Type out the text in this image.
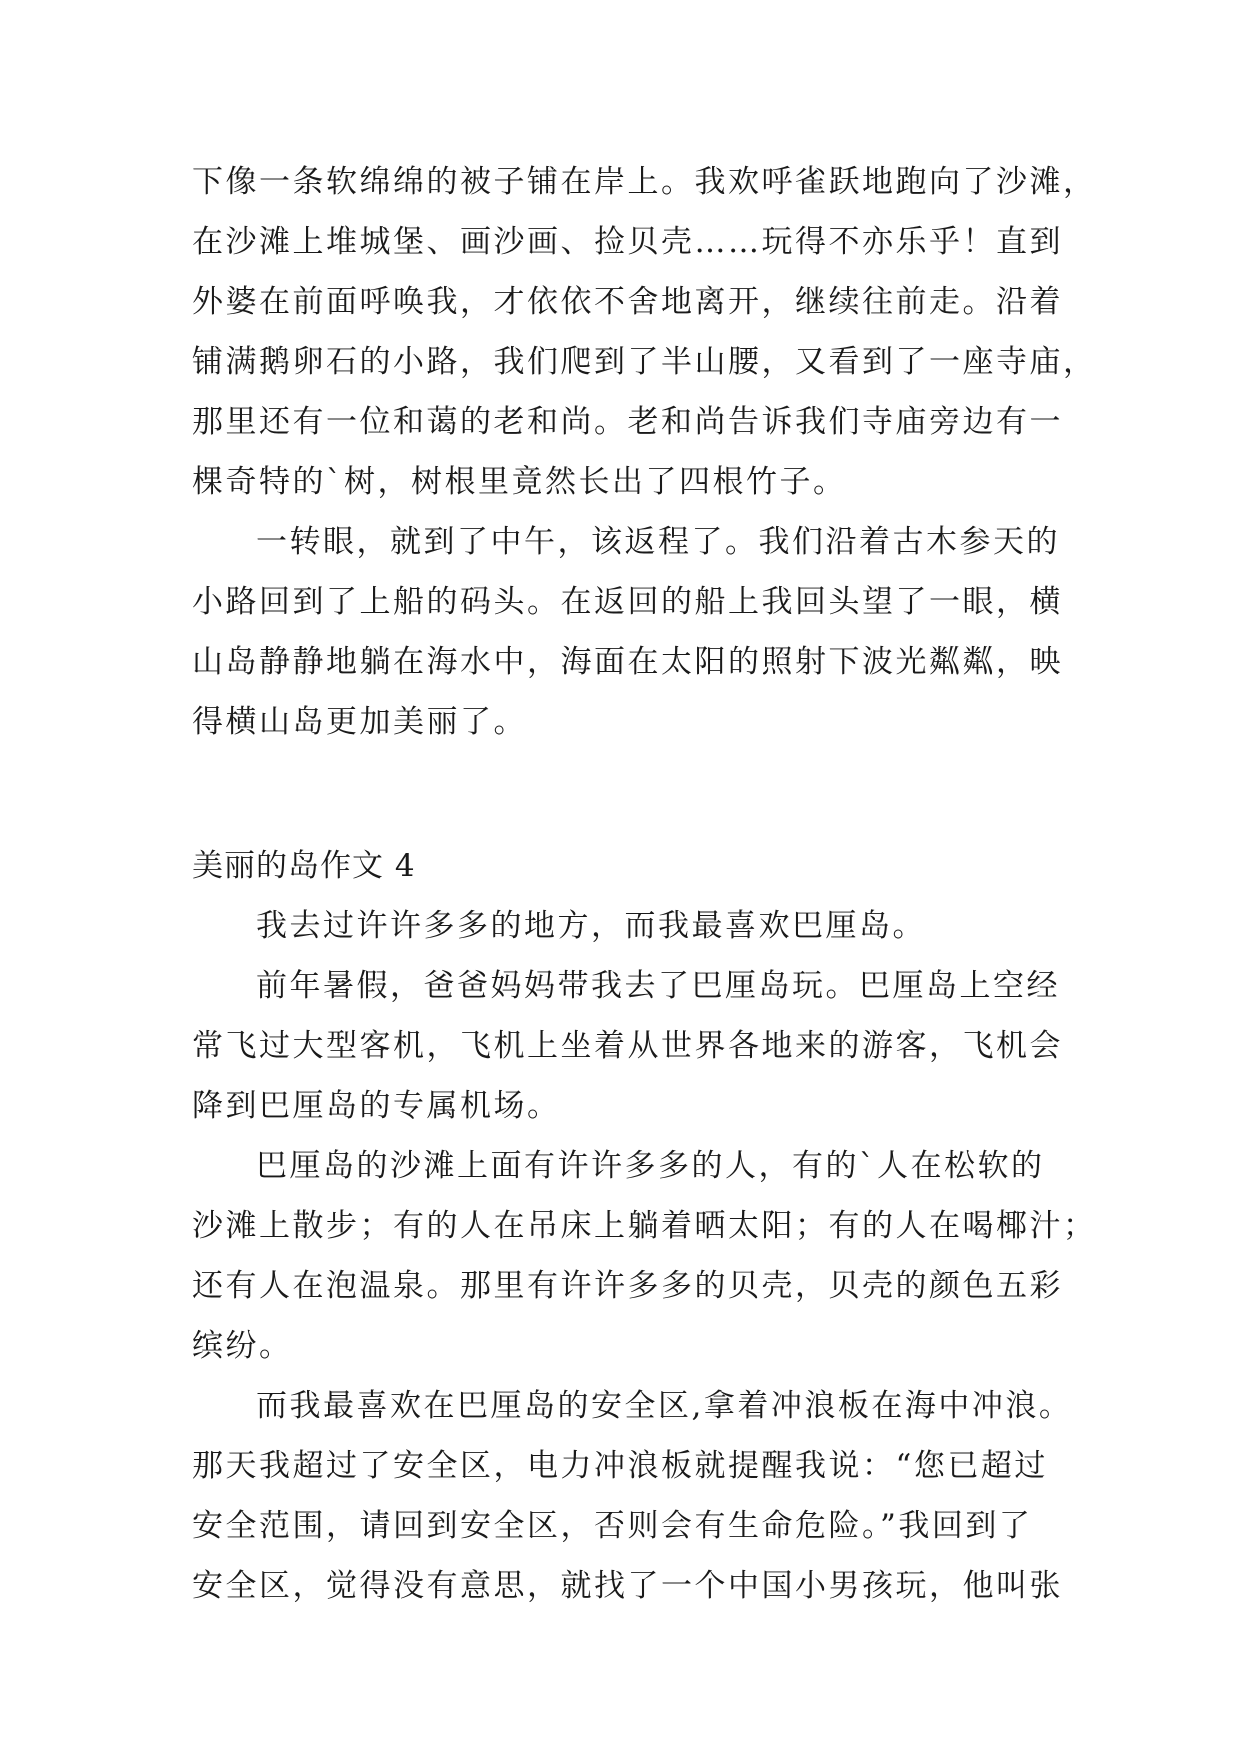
下像一条软绵绵的被子铺在岸上。我欢呼雀跃地跑向了沙滩，
在沙滩上堆城堡、画沙画、捡贝壳……玩得不亦乐乎！直到
外婆在前面呼唤我，才依依不舍地离开，继续往前走。沿着
铺满鹅卵石的小路，我们爬到了半山腰，又看到了一座寺庙，
那里还有一位和蔼的老和尚。老和尚告诉我们寺庙旁边有一
棵奇特的`树，树根里竟然长出了四根竹子。
一转眼，就到了中午，该返程了。我们沿着古木参天的
小路回到了上船的码头。在返回的船上我回头望了一眼，横
山岛静静地躺在海水中，海面在太阳的照射下波光粼粼，映
得横山岛更加美丽了。
美丽的岛作文 4
我去过许许多多的地方，而我最喜欢巴厘岛。
前年暑假，爸爸妈妈带我去了巴厘岛玩。巴厘岛上空经
常飞过大型客机，飞机上坐着从世界各地来的游客，飞机会
降到巴厘岛的专属机场。
巴厘岛的沙滩上面有许许多多的人，有的`人在松软的
沙滩上散步；有的人在吊床上躺着晒太阳；有的人在喝椰汁；
还有人在泡温泉。那里有许许多多的贝壳，贝壳的颜色五彩
缤纷。
而我最喜欢在巴厘岛的安全区,拿着冲浪板在海中冲浪。
那天我超过了安全区，电力冲浪板就提醒我说：“您已超过
安全范围，请回到安全区，否则会有生命危险。”我回到了
安全区，觉得没有意思，就找了一个中国小男孩玩，他叫张
